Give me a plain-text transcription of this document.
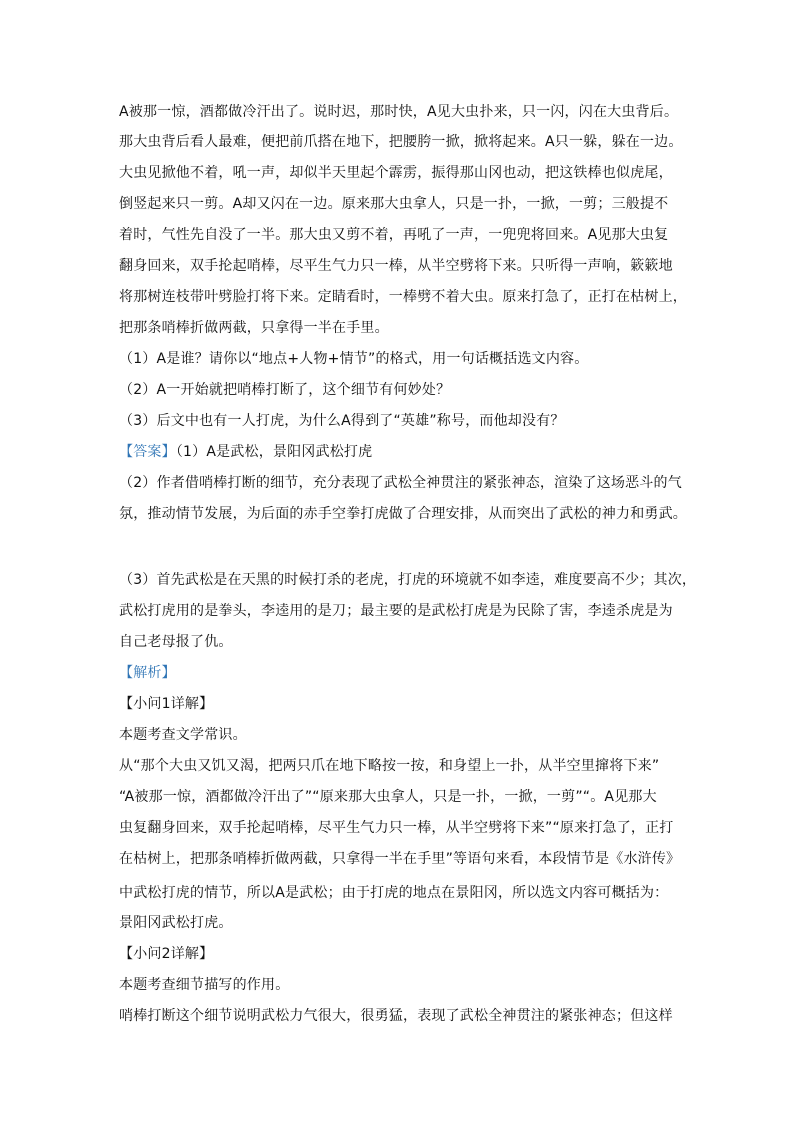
A被那一惊，酒都做冷汗出了。说时迟，那时快，A见大虫扑来，只一闪，闪在大虫背后。
那大虫背后看人最难，便把前爪搭在地下，把腰胯一掀，掀将起来。A只一躲，躲在一边。
大虫见掀他不着，吼一声，却似半天里起个霹雳，振得那山冈也动，把这铁棒也似虎尾，
倒竖起来只一剪。A却又闪在一边。原来那大虫拿人，只是一扑，一掀，一剪；三般提不
着时，气性先自没了一半。那大虫又剪不着，再吼了一声，一兜兜将回来。A见那大虫复
翻身回来，双手抡起哨棒，尽平生气力只一棒，从半空劈将下来。只听得一声响，簌簌地
将那树连枝带叶劈脸打将下来。定睛看时，一棒劈不着大虫。原来打急了，正打在枯树上，
把那条哨棒折做两截，只拿得一半在手里。
（1）A是谁？请你以“地点+人物+情节”的格式，用一句话概括选文内容。
（2）A一开始就把哨棒打断了，这个细节有何妙处？
（3）后文中也有一人打虎，为什么A得到了“英雄”称号，而他却没有？
【答案】（1）A是武松，景阳冈武松打虎
（2）作者借哨棒打断的细节，充分表现了武松全神贯注的紧张神态，渲染了这场恶斗的气
氛，推动情节发展，为后面的赤手空拳打虎做了合理安排，从而突出了武松的神力和勇武。
（3）首先武松是在天黑的时候打杀的老虎，打虎的环境就不如李逵，难度要高不少；其次，
武松打虎用的是拳头，李逵用的是刀；最主要的是武松打虎是为民除了害，李逵杀虎是为
自己老母报了仇。
【解析】
【小问1详解】
本题考查文学常识。
从“那个大虫又饥又渴，把两只爪在地下略按一按，和身望上一扑，从半空里撺将下来”
“A被那一惊，酒都做冷汗出了”“原来那大虫拿人，只是一扑，一掀，一剪”“。A见那大
虫复翻身回来，双手抡起哨棒，尽平生气力只一棒，从半空劈将下来”“原来打急了，正打
在枯树上，把那条哨棒折做两截，只拿得一半在手里”等语句来看，本段情节是《水浒传》
中武松打虎的情节，所以A是武松；由于打虎的地点在景阳冈，所以选文内容可概括为：
景阳冈武松打虎。
【小问2详解】
本题考查细节描写的作用。
哨棒打断这个细节说明武松力气很大，很勇猛，表现了武松全神贯注的紧张神态；但这样
